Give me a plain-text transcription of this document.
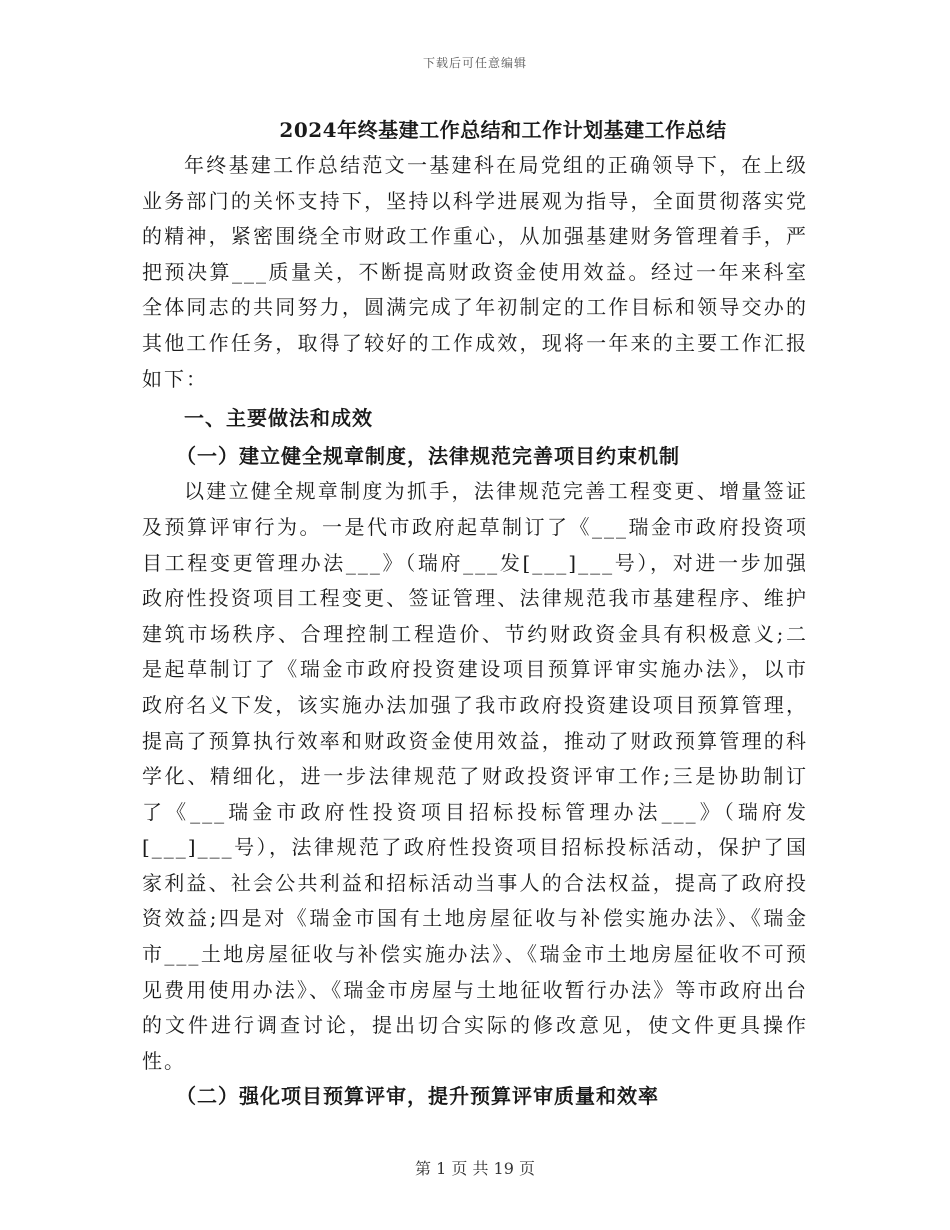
下载后可任意编辑
2024年终基建工作总结和工作计划基建工作总结

年终基建工作总结范文一基建科在局党组的正确领导下，在上级业务部门的关怀支持下，坚持以科学进展观为指导，全面贯彻落实党的精神，紧密围绕全市财政工作重心，从加强基建财务管理着手，严把预决算___质量关，不断提高财政资金使用效益。经过一年来科室全体同志的共同努力，圆满完成了年初制定的工作目标和领导交办的其他工作任务，取得了较好的工作成效，现将一年来的主要工作汇报如下：

一、主要做法和成效

（一）建立健全规章制度，法律规范完善项目约束机制

以建立健全规章制度为抓手，法律规范完善工程变更、增量签证及预算评审行为。一是代市政府起草制订了《___瑞金市政府投资项目工程变更管理办法___》（瑞府___发[___]___号），对进一步加强政府性投资项目工程变更、签证管理、法律规范我市基建程序、维护建筑市场秩序、合理控制工程造价、节约财政资金具有积极意义;二是起草制订了《瑞金市政府投资建设项目预算评审实施办法》，以市政府名义下发，该实施办法加强了我市政府投资建设项目预算管理，提高了预算执行效率和财政资金使用效益，推动了财政预算管理的科学化、精细化，进一步法律规范了财政投资评审工作;三是协助制订了《___瑞金市政府性投资项目招标投标管理办法___》（瑞府发[___]___号），法律规范了政府性投资项目招标投标活动，保护了国家利益、社会公共利益和招标活动当事人的合法权益，提高了政府投资效益;四是对《瑞金市国有土地房屋征收与补偿实施办法》、《瑞金市___土地房屋征收与补偿实施办法》、《瑞金市土地房屋征收不可预见费用使用办法》、《瑞金市房屋与土地征收暂行办法》等市政府出台的文件进行调查讨论，提出切合实际的修改意见，使文件更具操作性。

（二）强化项目预算评审，提升预算评审质量和效率

第 1 页 共 19 页
